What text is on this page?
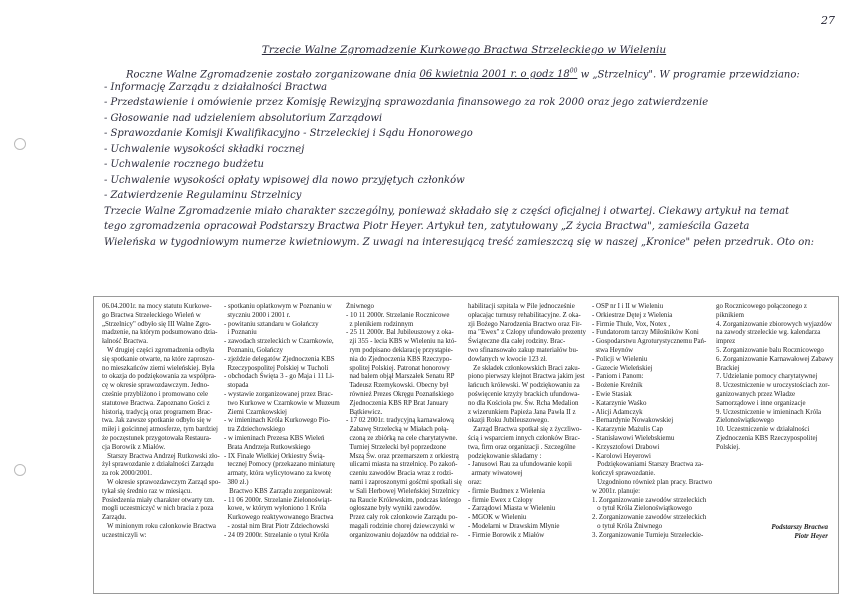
27
Trzecie Walne Zgromadzenie Kurkowego Bractwa Strzeleckiego w Wieleniu
Roczne Walne Zgromadzenie zostało zorganizowane dnia 06 kwietnia 2001 r. o godz $18^{00}$ w „Strzelnicy". W programie przewidziano:
- Informację Zarządu z działalności Bractwa
- Przedstawienie i omówienie przez Komisję Rewizyjną sprawozdania finansowego za rok 2000 oraz jego zatwierdzenie
- Głosowanie nad udzieleniem absolutorium Zarządowi
- Sprawozdanie Komisji Kwalifikacyjno - Strzeleckiej i Sądu Honorowego
- Uchwalenie wysokości składki rocznej
- Uchwalenie rocznego budżetu
- Uchwalenie wysokości opłaty wpisowej dla nowo przyjętych członków
- Zatwierdzenie Regulaminu Strzelnicy
Trzecie Walne Zgromadzenie miało charakter szczególny, ponieważ składało się z części oficjalnej i otwartej. Ciekawy artykuł na temat
tego zgromadzenia opracował Podstarszy Bractwa Piotr Heyer. Artykuł ten, zatytułowany „Z życia Bractwa", zamieścila Gazeta
Wieleńska w tygodniowym numerze kwietniowym. Z uwagi na interesującą treść zamieszczą się w naszej „Kronice" pełen przedruk. Oto on:

06.04.2001r. na mocy statutu Kurkowe-

go Bractwa Strzeleckiego Wieleń w

„Strzelnicy" odbyło się III Walne Zgro-

madzenie, na którym podsumowano dzia-

łalność Bractwa.

W drugiej części zgromadzenia odbyła

się spotkanie otwarte, na które zaproszo-

no mieszkańców ziemi wieleńskiej. Była

to okazja do podziękowania za współpra-

cę w okresie sprawozdawczym. Jedno-

cześnie przybliżono i promowano cele

statutowe Bractwa. Zapoznano Gości z

historią, tradycją oraz programem Brac-

twa. Jak zawsze spotkanie odbyło się w

miłej i gościnnej atmosferze, tym bardziej

że poczęstunek przygotowała Restaura-

cja Borowik z Miałów.

Starszy Bractwa Andrzej Rutkowski zło-

żył sprawozdanie z działalności Zarządu

za rok 2000/2001.

W okresie sprawozdawczym Zarząd spo-

tykał się średnio raz w miesiącu.

Posiedzenia miały charakter otwarty tzn.

mogli uczestniczyć w nich bracia z poza

Zarządu.

W minionym roku członkowie Bractwa

uczestniczyli w:

- spotkaniu opłatkowym w Poznaniu w

styczniu 2000 i 2001 r.

- powitaniu sztandaru w Gołańczy

i Poznaniu

- zawodach strzeleckich w Czarnkowie,

Poznaniu, Gołańczy

- zjeździe delegatów Zjednoczenia KBS

Rzeczypospolitej Polskiej w Tucholi

- obchodach Święta 3 - go Maja i 11 Li-

stopada

- wystawie zorganizowanej przez Brac-

two Kurkowe w Czarnkowie w Muzeum

Ziemi Czarnkowskiej

- w imieninach Króla Kurkowego Pio-

tra Zdziechowskiego

- w imieninach Prezesa KBS Wieleń

Brata Andrzeja Rutkowskiego

- IX Finale Wielkiej Orkiestry Świą-

tecznej Pomocy (przekazano miniaturę

armaty, która wylicytowano za kwotę

380 zł.)

Bractwo KBS Zarządu zorganizował:

- 11 06 2000r. Strzelanie Zielonoświąt-

kowe, w którym wyłoniono 1 Króla

Kurkowego reaktywowanego Bractwa

- został nim Brat Piotr Zdziechowski

- 24 09 2000r. Strzelanie o tytuł Króla

Żniwnego

- 10 11 2000r. Strzelanie Rocznicowe

z plenikiem rodzinnym

- 25 11 2000r. Bal Jubileuszowy z oka-

zji 355 - lecia KBS w Wieleniu na któ-

rym podpisano deklarację przystąpie-

nia do Zjednoczenia KBS Rzeczypo-

spolitej Polskiej. Patronat honorowy

nad balem objął Marszałek Senatu RP

Tadeusz Rzemykowski. Obecny był

również Prezes Okręgu Poznańskiego

Zjednoczenia KBS RP Brat January

Bątkiewicz.

- 17 02 2001r. tradycyjną karnawałową

Zabawę Strzelecką w Miałach połą-

czoną ze zbiórką na cele charytatywne.

Turniej Strzelecki był poprzedzone

Mszą Św. oraz przemarszem z orkiestrą

ulicami miasta na strzelnicę. Po zakoń-

czeniu zawodów Bracia wraz z rodzi-

nami i zaproszonymi gośćmi spotkali się

w Sali Herbowej Wieleńskiej Strzelnicy

na Raucie Królewskim, podczas którego

ogłoszane były wyniki zawodów.

Przez cały rok członkowie Zarządu po-

magali rodzinie chorej dziewczynki w

organizowaniu dojazdów na oddział re-

habilitacji szpitala w Pile jednocześnie

opłacając turnusy rehabilitacyjne. Z oka-

zji Bożego Narodzenia Bractwo oraz Fir-

ma "Ewex" z Człopy ufundowało prezenty

Świąteczne dla całej rodziny. Brac-

two sfinansowało zakup materiałów bu-

dowlanych w kwocie 123 zł.

Ze składek członkowskich Braci zaku-

piono pierwszy klejnot Bractwa jakim jest

łańcuch królewski. W podziękowaniu za

poświęcenie krzyży brackich ufundowa-

no dla Kościoła pw. Św. Rcha Medalion

z wizerunkiem Papieża Jana Pawła II z

okazji Roku Jubileuszowego.

Zarząd Bractwa spotkał się z życzliwo-

ścią i wsparciem innych członków Brac-

twa, firm oraz organizacji . Szczególne

podziękowanie składamy :

- Janusowi Rau za ufundowanie kopii

armaty wiwatowej

oraz:

- firmie Budmex z Wielenia

- firmie Ewex z Człopy

- Zarządowi Miasta w Wieleniu

- MGOK w Wieleniu

- Modelarni w Drawskim Młynie

- Firmie Borowik z Miałów

- OSP nr I i II w Wieleniu

- Orkiestrze Dętej z Wielenia

- Firmie Thule, Vox, Notex ,

- Fundatorom tarczy Miłośników Koni

- Gospodarstwu Agroturystycznemu Pań-

stwa Heynów

- Policji w Wieleniu

- Gazecie Wieleńskiej

- Paniom i Panom:

- Bożenie Kreźnik

- Ewie Stasiak

- Katarzynie Waśko

- Alicji Adamczyk

- Bernardynie Nowakowskiej

- Katarzynie Mażulis Cap

- Stanisławowi Wielebskiemu

- Krzysztofowi Drabowi

- Karolowi Heyerowi

Podziękowaniami Starszy Bractwa za-

kończył sprawozdanie.

Uzgodniono również plan pracy. Bractwo

w 2001r. planuje:

1. Zorganizowanie zawodów strzeleckich

o tytuł Króla Zielonoświątkowego

2. Zorganizowanie zawodów strzeleckich

o tytuł Króla Żniwnego

3. Zorganizowanie Turnieju Strzeleckie-

go Rocznicowego połączonego z piknikiem

4. Zorganizowanie zbiorowych wyjazdów

na zawody strzeleckie wg. kalendarza imprez

5. Zorganizowanie balu Rocznicowego

6. Zorganizowanie Karnawałowej Zabawy Brackiej

7. Udzielanie pomocy charytatywnej

8. Uczestniczenie w uroczystościach zor-

ganizowanych przez Władze Samorządowe i inne organizacje

9. Uczestniczenie w imieninach Króla

Zielonoświątkowego

10. Uczestniczenie w działalności Zjednoczenia KBS Rzeczypospolitej Polskiej.

Podstarszy Bractwa
Piotr Heyer
